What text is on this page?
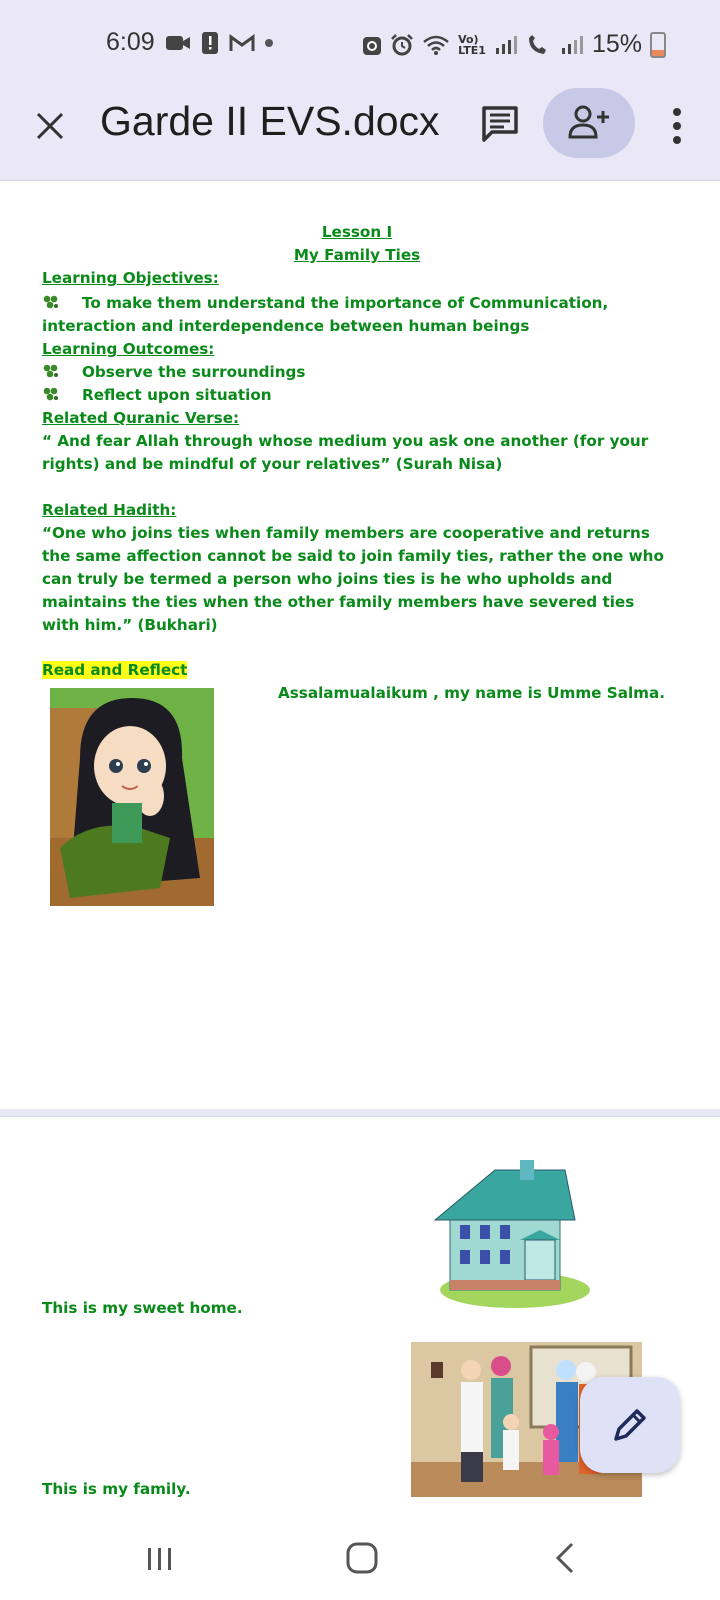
6:09	Vo)
LTE1	15%
Garde II EVS.docx
Lesson I
My Family Ties
Learning Objectives:
To make them understand the importance of Communication, interaction and interdependence between human beings
Learning Outcomes:
Observe the surroundings
Reflect upon situation
Related Quranic Verse:
“ And fear Allah through whose medium you ask one another (for your rights) and be mindful of your relatives” (Surah Nisa)
Related Hadith:
“One who joins ties when family members are cooperative and returns the same affection cannot be said to join family ties, rather the one who can truly be termed a person who joins ties is he who upholds and maintains the ties when the other family members have severed ties with him.” (Bukhari)
Read and Reflect
Assalamualaikum , my name is Umme Salma.
This is my sweet home.
This is my family.
